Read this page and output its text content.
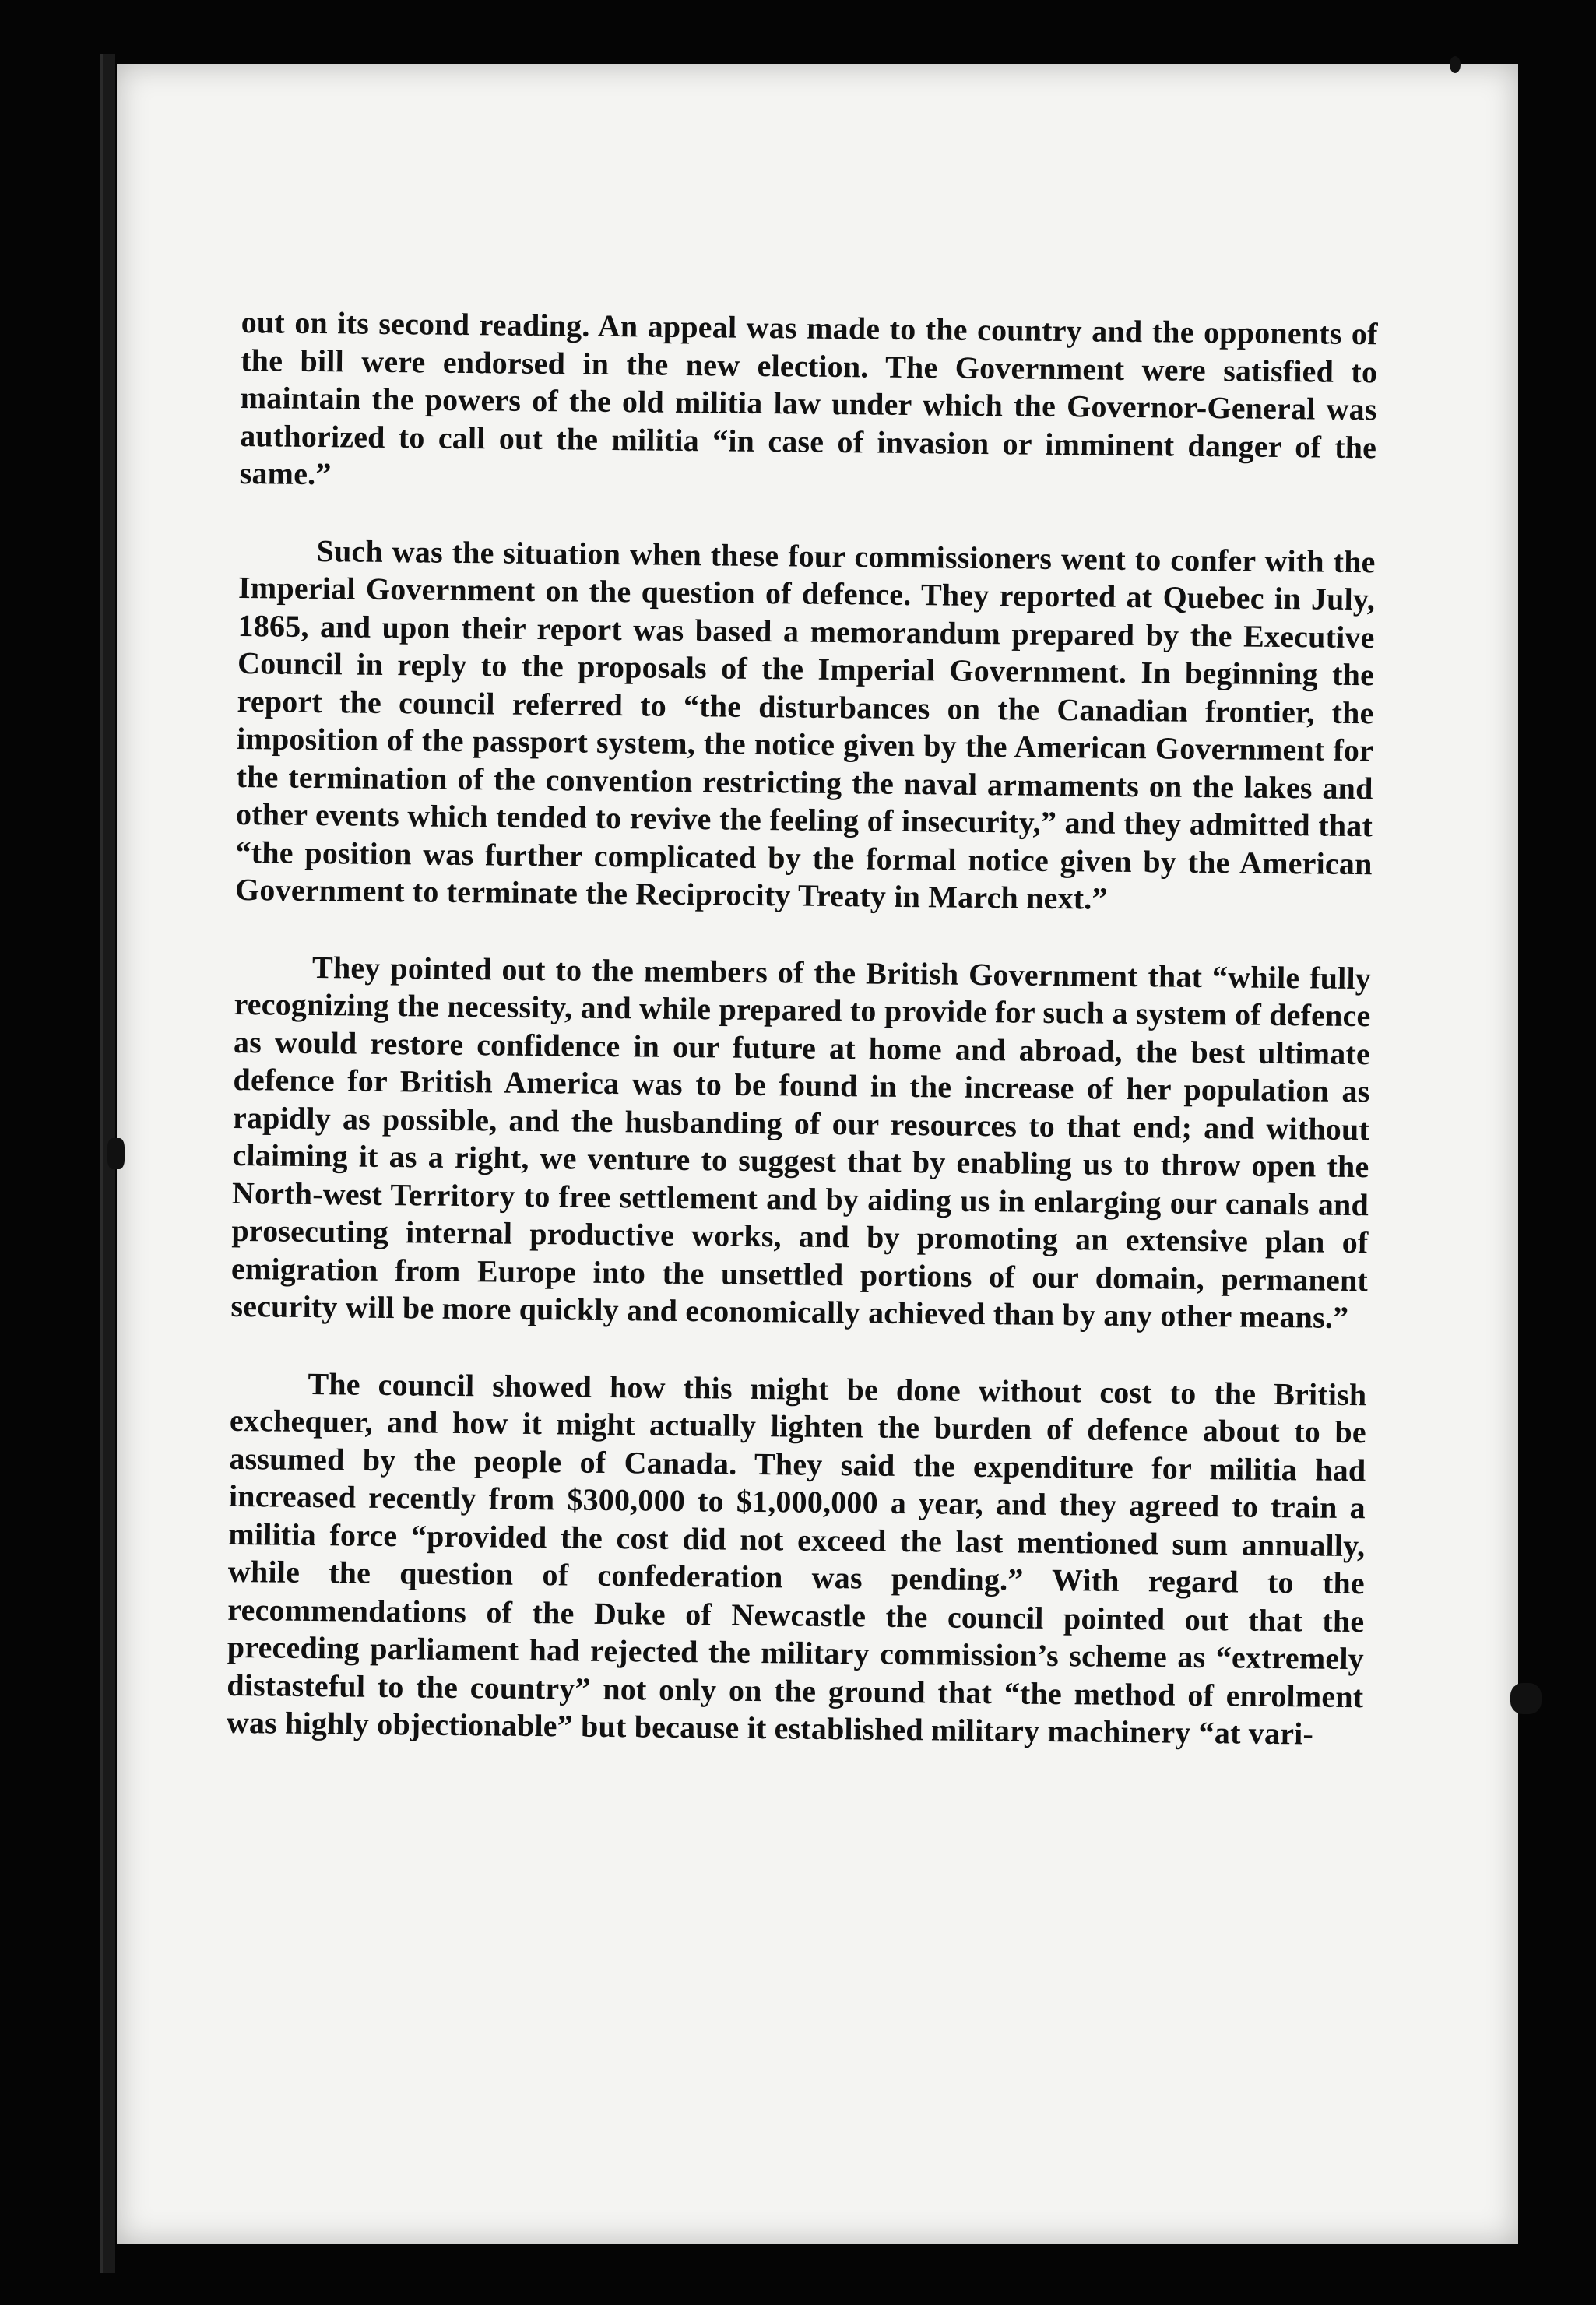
out on its second reading. An appeal was made to the country and the opponents of the bill were endorsed in the new election. The Government were satisfied to maintain the powers of the old militia law under which the Governor-General was authorized to call out the militia “in case of invasion or imminent danger of the same.”

Such was the situation when these four commissioners went to confer with the Imperial Government on the question of defence. They reported at Quebec in July, 1865, and upon their report was based a memorandum prepared by the Executive Council in reply to the proposals of the Imperial Government. In beginning the report the council referred to “the disturbances on the Canadian frontier, the imposition of the passport system, the notice given by the American Government for the termination of the convention restricting the naval armaments on the lakes and other events which tended to revive the feeling of insecurity,” and they admitted that “the position was further complicated by the formal notice given by the American Government to terminate the Reciprocity Treaty in March next.”

They pointed out to the members of the British Government that “while fully recognizing the necessity, and while prepared to provide for such a system of defence as would restore confidence in our future at home and abroad, the best ultimate defence for British America was to be found in the increase of her population as rapidly as possible, and the husbanding of our resources to that end; and without claiming it as a right, we venture to suggest that by enabling us to throw open the North-west Territory to free settlement and by aiding us in enlarging our canals and prosecuting internal productive works, and by promoting an extensive plan of emigration from Europe into the unsettled portions of our domain, permanent security will be more quickly and economically achieved than by any other means.”

The council showed how this might be done without cost to the British exchequer, and how it might actually lighten the burden of defence about to be assumed by the people of Canada. They said the expenditure for militia had increased recently from $300,000 to $1,000,000 a year, and they agreed to train a militia force “provided the cost did not exceed the last mentioned sum annually, while the question of confederation was pending.” With regard to the recommendations of the Duke of Newcastle the council pointed out that the preceding parliament had rejected the military commission’s scheme as “extremely distasteful to the country” not only on the ground that “the method of enrolment was highly objectionable” but because it established military machinery “at vari-
